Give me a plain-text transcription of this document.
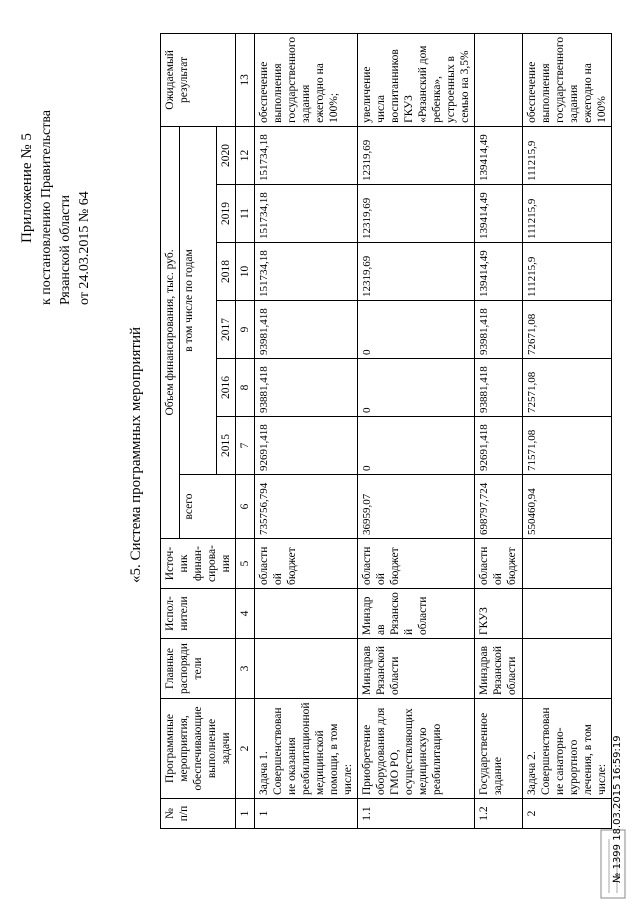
Приложение № 5 к постановлению Правительства Рязанской области от 24.03.2015 № 64
«5. Система программных мероприятий
№ п/п	Программные мероприятия, обеспечивающие выполнение задачи	Главные распорядители	Испол-нители	Источ-ник финан-сирова-ния	Объем финансирования, тыс. руб.							Ожидаемый результат
					всего	в том числе по годам						
						2015	2016	2017	2018	2019	2020	
1	2	3	4	5	6	7	8	9	10	11	12	13
1	Задача 1. Совершенствование оказания реабилитационной медицинской помощи, в том числе:			областной бюджет	735756,794	92691,418	93881,418	93981,418	151734,18	151734,18	151734,18	обеспечение выполнения государственного задания ежегодно на 100%;
1.1	Приобретение оборудования для ГМО РО, осуществляющих медицинскую реабилитацию	Минздрав Рязанской области	Минздрав Рязанской области	областной бюджет	36959,07	0	0	0	12319,69	12319,69	12319,69	увеличение числа воспитанников ГКУЗ «Рязанский дом ребенка», устроенных в семью на 3,5%
1.2	Государственное задание	Минздрав Рязанской области	ГКУЗ	областной бюджет	698797,724	92691,418	93881,418	93981,418	139414,49	139414,49	139414,49	
2	Задача 2. Совершенствование санаторно-курортного лечения, в том числе:				550460,94	71571,08	72571,08	72671,08	111215,9	111215,9	111215,9	обеспечение выполнения государственного задания ежегодно на 100%
№ 1399 18.03.2015 16:59:19
